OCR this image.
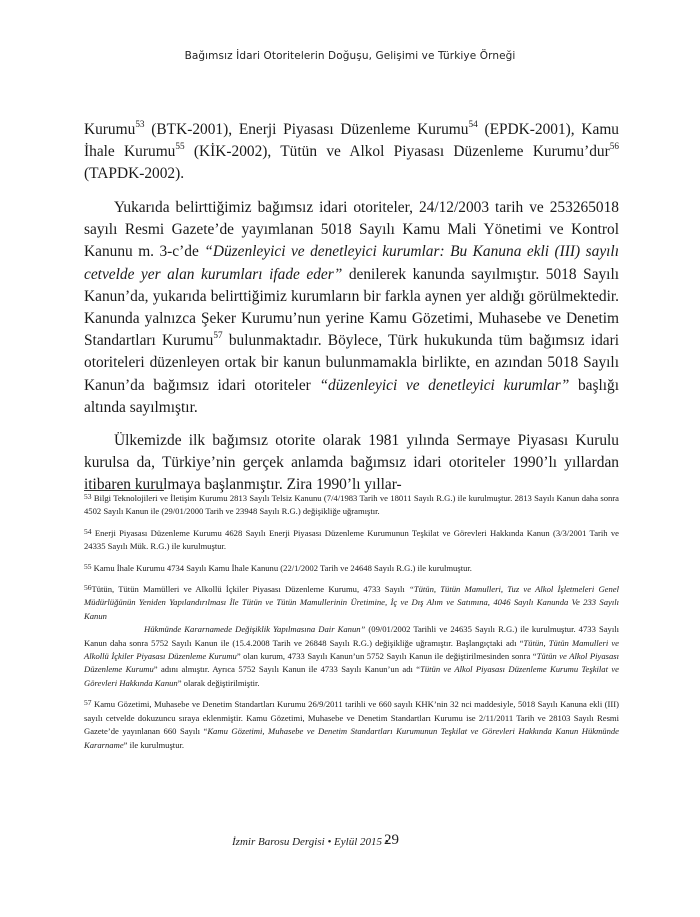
Bağımsız İdari Otoritelerin Doğuşu, Gelişimi ve Türkiye Örneği

Kurumu$^{53}$ (BTK-2001), Enerji Piyasası Düzenleme Kurumu$^{54}$ (EPDK-2001), Kamu İhale Kurumu$^{55}$ (KİK-2002), Tütün ve Alkol Piyasası Düzenleme Kurumu’dur$^{56}$ (TAPDK-2002).

Yukarıda belirttiğimiz bağımsız idari otoriteler, 24/12/2003 tarih ve 253265018 sayılı Resmi Gazete’de yayımlanan 5018 Sayılı Kamu Mali Yönetimi ve Kontrol Kanunu m. 3-c’de “Düzenleyici ve denetleyici kurumlar: Bu Kanuna ekli (III) sayılı cetvelde yer alan kurumları ifade eder” denilerek kanunda sayılmıştır. 5018 Sayılı Kanun’da, yukarıda belirttiğimiz kurumların bir farkla aynen yer aldığı görülmektedir. Kanunda yalnızca Şeker Kurumu’nun yerine Kamu Gözetimi, Muhasebe ve Denetim Standartları Kurumu$^{57}$ bulunmaktadır. Böylece, Türk hukukunda tüm bağımsız idari otoriteleri düzenleyen ortak bir kanun bulunmamakla birlikte, en azından 5018 Sayılı Kanun’da bağımsız idari otoriteler “düzenleyici ve denetleyici kurumlar” başlığı altında sayılmıştır.

Ülkemizde ilk bağımsız otorite olarak 1981 yılında Sermaye Piyasası Kurulu kurulsa da, Türkiye’nin gerçek anlamda bağımsız idari otoriteler 1990’lı yıllardan itibaren kurulmaya başlanmıştır. Zira 1990’lı yıllar-

53 Bilgi Teknolojileri ve İletişim Kurumu 2813 Sayılı Telsiz Kanunu (7/4/1983 Tarih ve 18011 Sayılı R.G.) ile kurulmuştur. 2813 Sayılı Kanun daha sonra 4502 Sayılı Kanun ile (29/01/2000 Tarih ve 23948 Sayılı R.G.) değişikliğe uğramıştır.

54 Enerji Piyasası Düzenleme Kurumu 4628 Sayılı Enerji Piyasası Düzenleme Kurumunun Teşkilat ve Görevleri Hakkında Kanun (3/3/2001 Tarih ve 24335 Sayılı Mük. R.G.) ile kurulmuştur.

55 Kamu İhale Kurumu 4734 Sayılı Kamu İhale Kanunu (22/1/2002 Tarih ve 24648 Sayılı R.G.) ile kurulmuştur.

56Tütün, Tütün Mamülleri ve Alkollü İçkiler Piyasası Düzenleme Kurumu, 4733 Sayılı “Tütün, Tütün Mamulleri, Tuz ve Alkol İşletmeleri Genel Müdürlüğünün Yeniden Yapılandırılması İle Tütün ve Tütün Mamullerinin Üretimine, İç ve Dış Alım ve Satımına, 4046 Sayılı Kanunda Ve 233 Sayılı Kanun
Hükmünde Kararnamede Değişiklik Yapılmasına Dair Kanun” (09/01/2002 Tarihli ve 24635 Sayılı R.G.) ile kurulmuştur. 4733 Sayılı Kanun daha sonra 5752 Sayılı Kanun ile (15.4.2008 Tarih ve 26848 Sayılı R.G.) değişikliğe uğramıştır. Başlangıçtaki adı “Tütün, Tütün Mamulleri ve Alkollü İçkiler Piyasası Düzenleme Kurumu” olan kurum, 4733 Sayılı Kanun’un 5752 Sayılı Kanun ile değiştirilmesinden sonra “Tütün ve Alkol Piyasası Düzenleme Kurumu” adını almıştır. Ayrıca 5752 Sayılı Kanun ile 4733 Sayılı Kanun’un adı “Tütün ve Alkol Piyasası Düzenleme Kurumu Teşkilat ve Görevleri Hakkında Kanun” olarak değiştirilmiştir.

57 Kamu Gözetimi, Muhasebe ve Denetim Standartları Kurumu 26/9/2011 tarihli ve 660 sayılı KHK’nin 32 nci maddesiyle, 5018 Sayılı Kanuna ekli (III) sayılı cetvelde dokuzuncu sıraya eklenmiştir. Kamu Gözetimi, Muhasebe ve Denetim Standartları Kurumu ise 2/11/2011 Tarih ve 28103 Sayılı Resmi Gazete’de yayınlanan 660 Sayılı “Kamu Gözetimi, Muhasebe ve Denetim Standartları Kurumunun Teşkilat ve Görevleri Hakkında Kanun Hükmünde Kararname” ile kurulmuştur.

İzmir Barosu Dergisi • Eylül 2015 •
29
